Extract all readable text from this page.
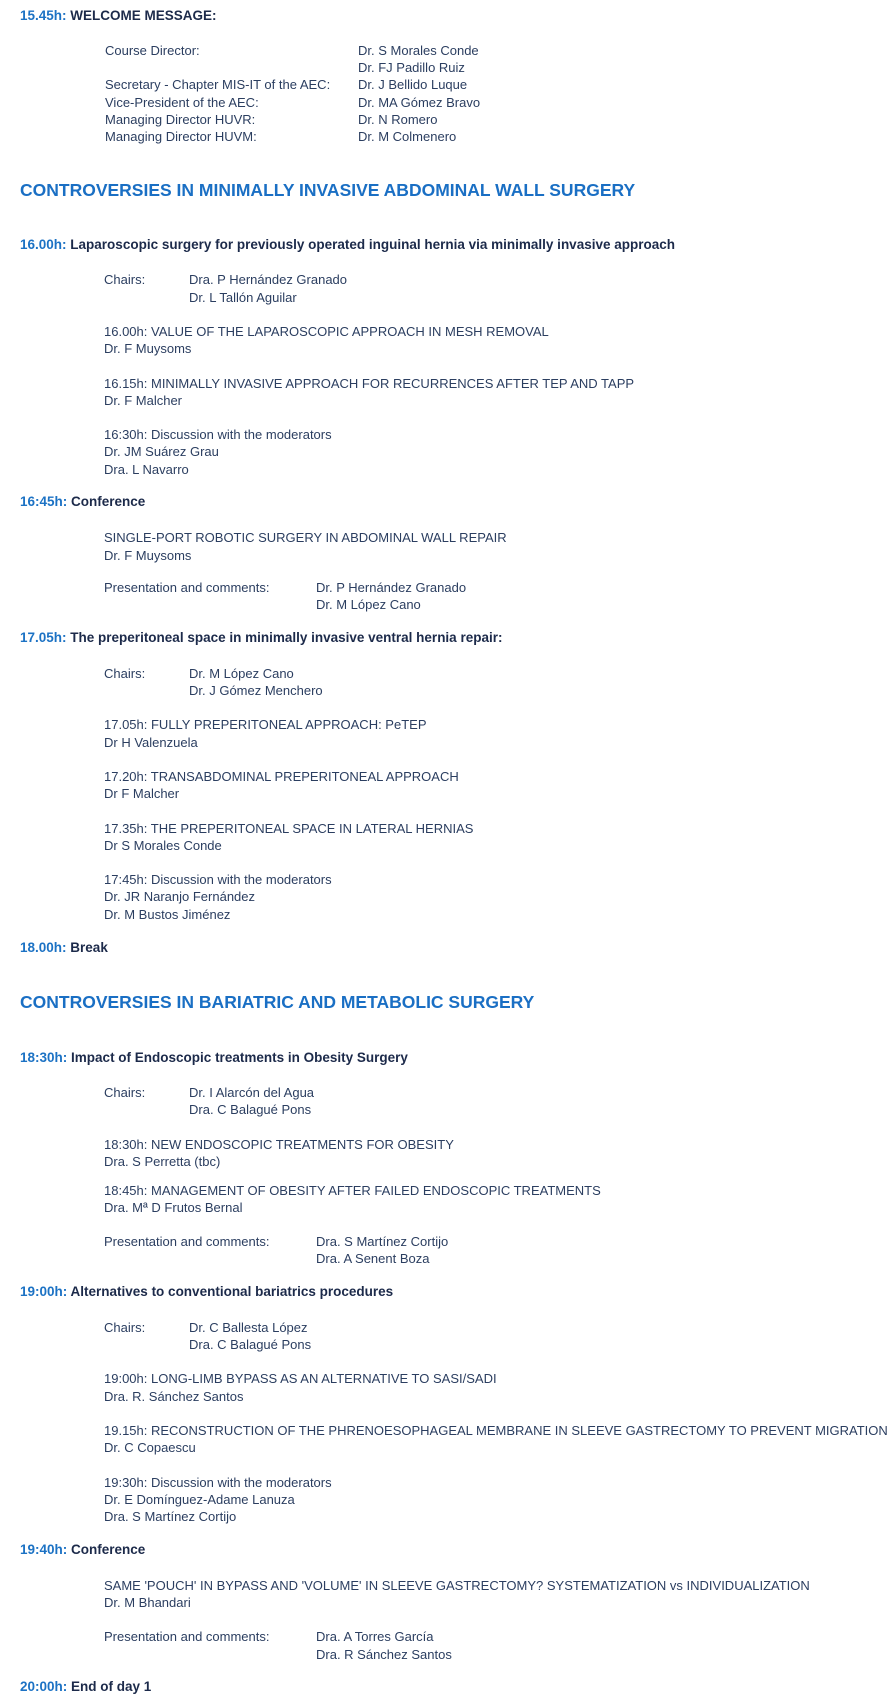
15.45h: WELCOME MESSAGE:
Course Director:	Dr. S Morales Conde
Dr. FJ Padillo Ruiz
Secretary - Chapter MIS-IT of the AEC: Dr. J Bellido Luque
Vice-President of the AEC:	Dr. MA Gómez Bravo
Managing Director HUVR:	Dr. N Romero
Managing Director HUVM:	Dr. M Colmenero
CONTROVERSIES IN MINIMALLY INVASIVE ABDOMINAL WALL SURGERY
16.00h: Laparoscopic surgery for previously operated inguinal hernia via minimally invasive approach
Chairs:	Dra. P Hernández Granado
Dr. L Tallón Aguilar
16.00h: VALUE OF THE LAPAROSCOPIC APPROACH IN MESH REMOVAL
Dr. F Muysoms
16.15h: MINIMALLY INVASIVE APPROACH FOR RECURRENCES AFTER TEP AND TAPP
Dr. F Malcher
16:30h: Discussion with the moderators
Dr. JM Suárez Grau
Dra. L Navarro
16:45h: Conference
SINGLE-PORT ROBOTIC SURGERY IN ABDOMINAL WALL REPAIR
Dr. F Muysoms
Presentation and comments:	Dr. P Hernández Granado
Dr. M López Cano
17.05h: The preperitoneal space in minimally invasive ventral hernia repair:
Chairs:	Dr. M López Cano
Dr. J Gómez Menchero
17.05h: FULLY PREPERITONEAL APPROACH: PeTEP
Dr H Valenzuela
17.20h: TRANSABDOMINAL PREPERITONEAL APPROACH
Dr F Malcher
17.35h: THE PREPERITONEAL SPACE IN LATERAL HERNIAS
Dr S Morales Conde
17:45h: Discussion with the moderators
Dr. JR Naranjo Fernández
Dr. M Bustos Jiménez
18.00h: Break
CONTROVERSIES IN BARIATRIC AND METABOLIC SURGERY
18:30h: Impact of Endoscopic treatments in Obesity Surgery
Chairs:	Dr. I Alarcón del Agua
Dra. C Balagué Pons
18:30h: NEW ENDOSCOPIC TREATMENTS FOR OBESITY
Dra. S Perretta (tbc)
18:45h: MANAGEMENT OF OBESITY AFTER FAILED ENDOSCOPIC TREATMENTS
Dra. Mª D Frutos Bernal
Presentation and comments:	Dra. S Martínez Cortijo
Dra. A Senent Boza
19:00h: Alternatives to conventional bariatrics procedures
Chairs:	Dr. C Ballesta López
Dra. C Balagué Pons
19:00h: LONG-LIMB BYPASS AS AN ALTERNATIVE TO SASI/SADI
Dra. R. Sánchez Santos
19.15h: RECONSTRUCTION OF THE PHRENOESOPHAGEAL MEMBRANE IN SLEEVE GASTRECTOMY TO PREVENT MIGRATION
Dr. C Copaescu
19:30h: Discussion with the moderators
Dr. E Domínguez-Adame Lanuza
Dra. S Martínez Cortijo
19:40h: Conference
SAME 'POUCH' IN BYPASS AND 'VOLUME' IN SLEEVE GASTRECTOMY? SYSTEMATIZATION vs INDIVIDUALIZATION
Dr. M Bhandari
Presentation and comments:	Dra. A Torres García
Dra. R Sánchez Santos
20:00h: End of day 1
